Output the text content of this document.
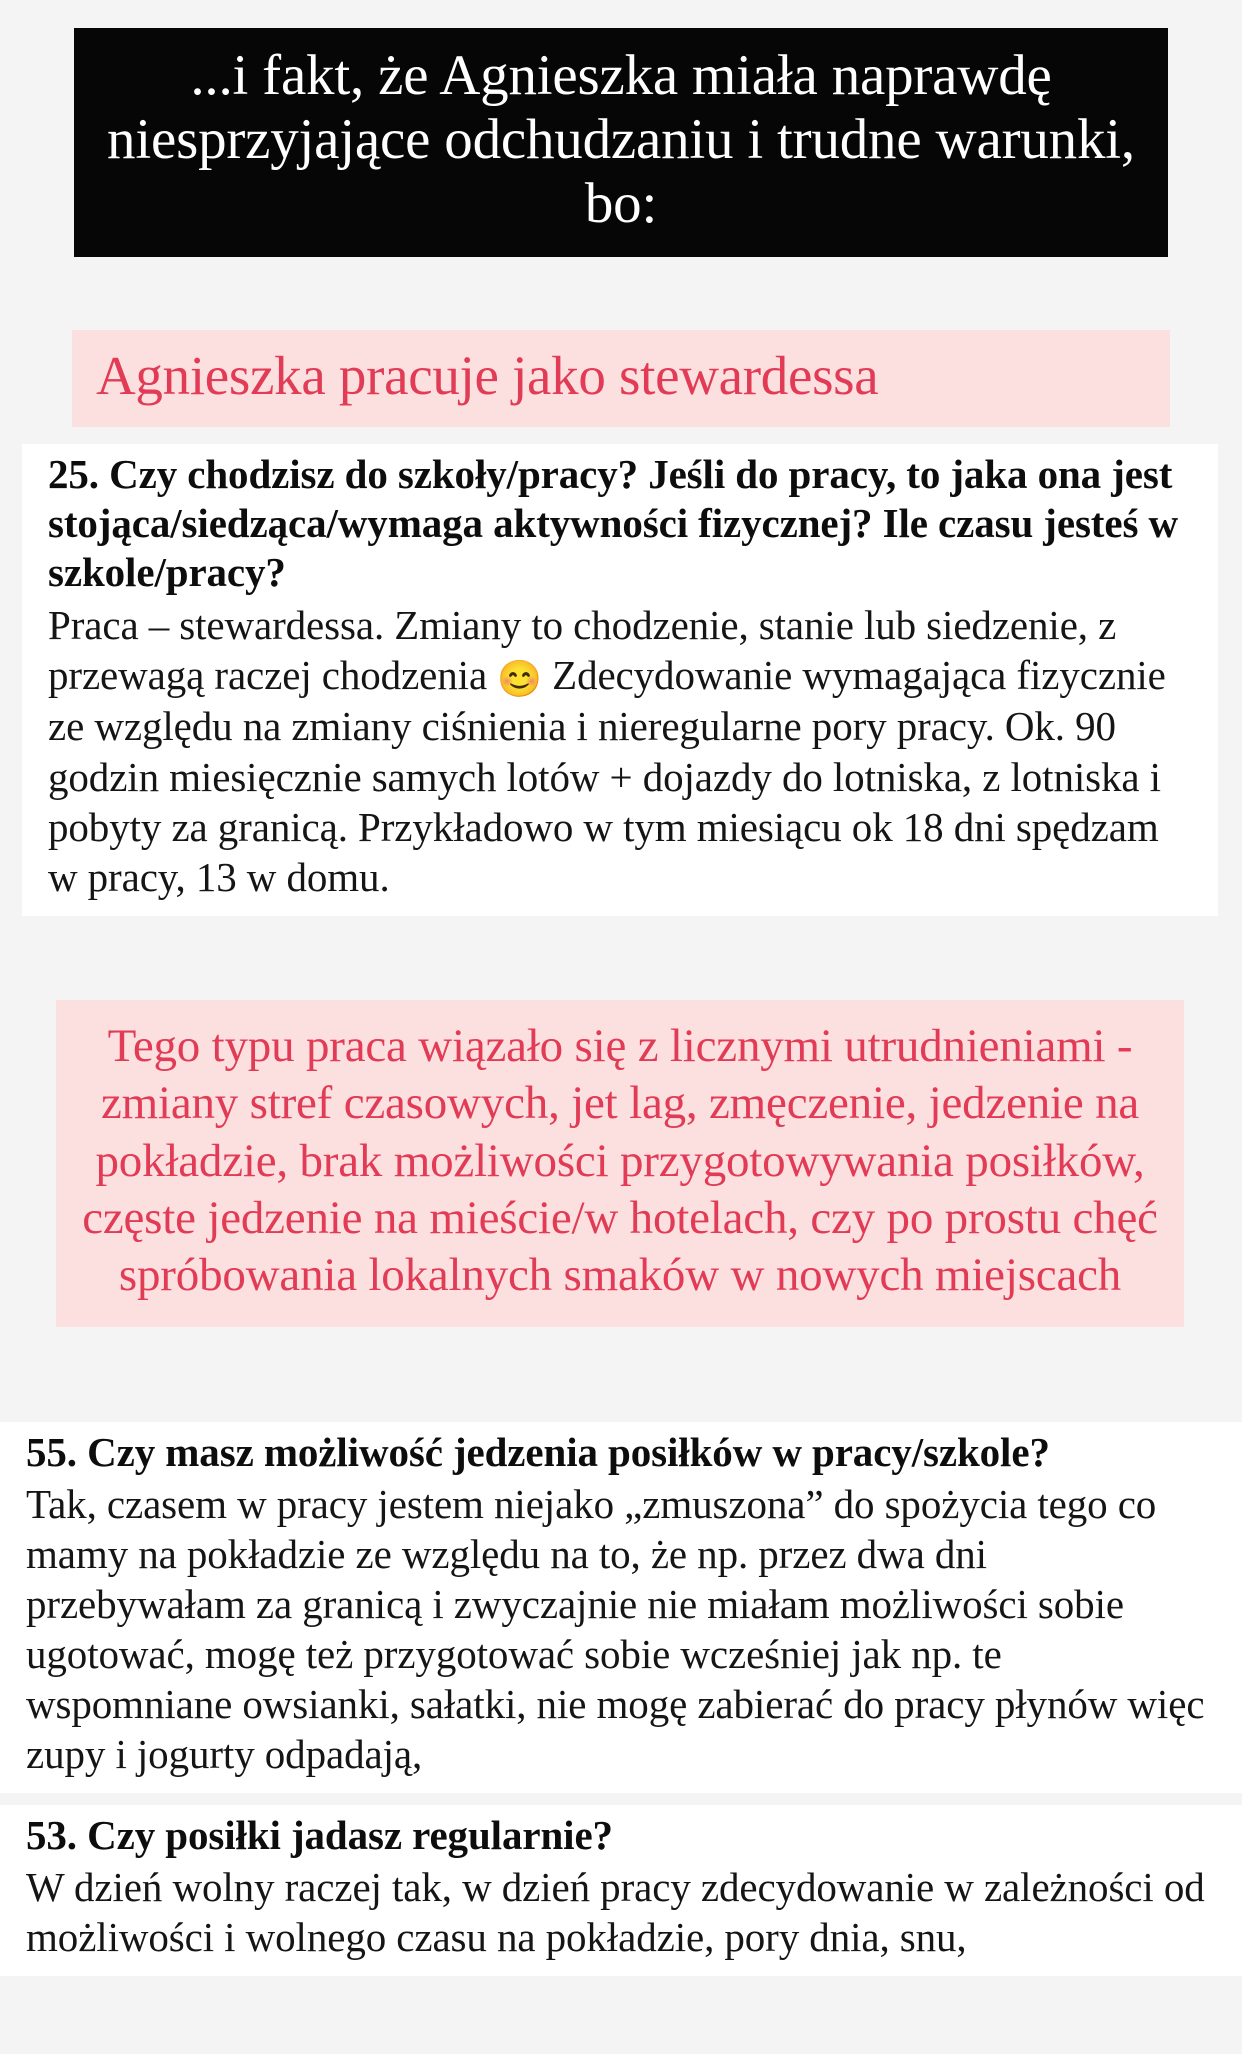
...i fakt, że Agnieszka miała naprawdę niesprzyjające odchudzaniu i trudne warunki, bo:
Agnieszka pracuje jako stewardessa

25. Czy chodzisz do szkoły/pracy? Jeśli do pracy, to jaka ona jest stojąca/siedząca/wymaga aktywności fizycznej? Ile czasu jesteś w szkole/pracy?

Praca – stewardessa. Zmiany to chodzenie, stanie lub siedzenie, z przewagą raczej chodzenia 😊 Zdecydowanie wymagająca fizycznie ze względu na zmiany ciśnienia i nieregularne pory pracy. Ok. 90 godzin miesięcznie samych lotów + dojazdy do lotniska, z lotniska i pobyty za granicą. Przykładowo w tym miesiącu ok 18 dni spędzam w pracy, 13 w domu.

Tego typu praca wiązało się z licznymi utrudnieniami ‑ zmiany stref czasowych, jet lag, zmęczenie, jedzenie na pokładzie, brak możliwości przygotowywania posiłków, częste jedzenie na mieście/w hotelach, czy po prostu chęć spróbowania lokalnych smaków w nowych miejscach

55. Czy masz możliwość jedzenia posiłków w pracy/szkole?

Tak, czasem w pracy jestem niejako „zmuszona” do spożycia tego co mamy na pokładzie ze względu na to, że np. przez dwa dni przebywałam za granicą i zwyczajnie nie miałam możliwości sobie ugotować, mogę też przygotować sobie wcześniej jak np. te wspomniane owsianki, sałatki, nie mogę zabierać do pracy płynów więc zupy i jogurty odpadają,

53. Czy posiłki jadasz regularnie?

W dzień wolny raczej tak, w dzień pracy zdecydowanie w zależności od możliwości i wolnego czasu na pokładzie, pory dnia, snu,
